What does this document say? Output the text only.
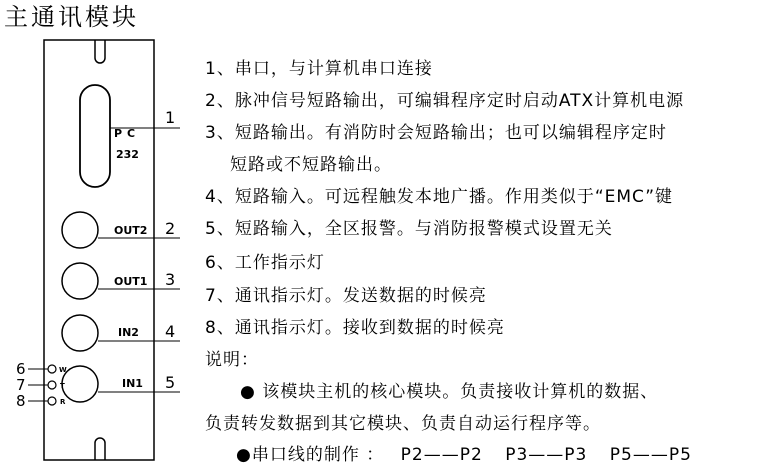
主通讯模块
PC
232
1
OUT2 2
OUT1 3
IN2 4
IN1 5
W
6
T
7
R
8
1、串口，与计算机串口连接
2、脉冲信号短路输出，可编辑程序定时启动ATX计算机电源
3、短路输出。有消防时会短路输出；也可以编辑程序定时
短路或不短路输出。
4、短路输入。可远程触发本地广播。作用类似于“EMC”键
5、短路输入，全区报警。与消防报警模式设置无关
6、工作指示灯
7、通讯指示灯。发送数据的时候亮
8、通讯指示灯。接收到数据的时候亮
说明：
● 该模块主机的核心模块。负责接收计算机的数据、
负责转发数据到其它模块、负责自动运行程序等。
●串口线的制作 ： P2——P2 P3——P3 P5——P5
